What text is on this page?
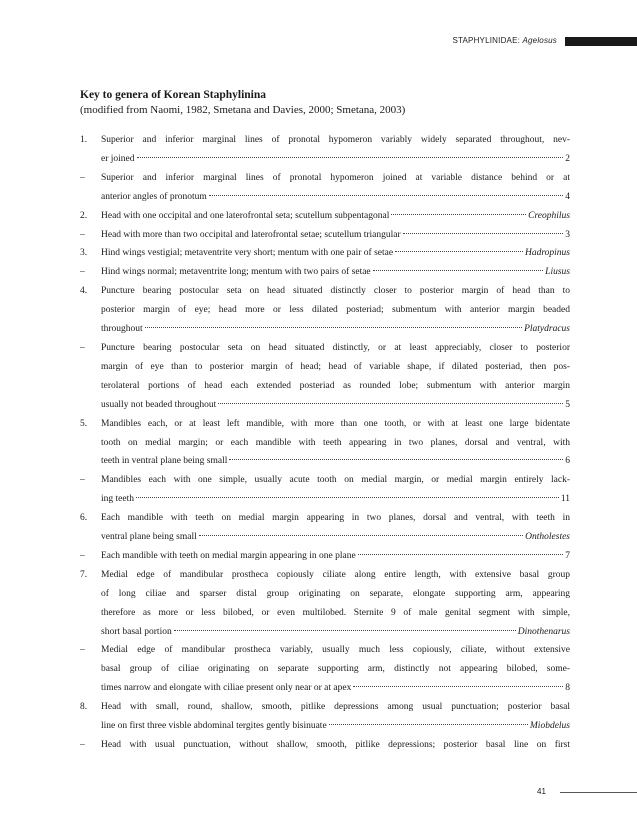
STAPHYLINIDAE: Agelosus
Key to genera of Korean Staphylinina
(modified from Naomi, 1982, Smetana and Davies, 2000; Smetana, 2003)
1.	Superior and inferior marginal lines of pronotal hypomeron variably widely separated throughout, nev-
er joined	2
–	Superior and inferior marginal lines of pronotal hypomeron joined at variable distance behind or at
anterior angles of pronotum	4
2.	Head with one occipital and one laterofrontal seta; scutellum subpentagonal	Creophilus
–	Head with more than two occipital and laterofrontal setae; scutellum triangular	3
3.	Hind wings vestigial; metaventrite very short; mentum with one pair of setae	Hadropinus
–	Hind wings normal; metaventrite long; mentum with two pairs of setae	Liusus
4.	Puncture bearing postocular seta on head situated distinctly closer to posterior margin of head than to
posterior margin of eye; head more or less dilated posteriad; submentum with anterior margin beaded
throughout	Platydracus
–	Puncture bearing postocular seta on head situated distinctly, or at least appreciably, closer to posterior
margin of eye than to posterior margin of head; head of variable shape, if dilated posteriad, then pos-
terolateral portions of head each extended posteriad as rounded lobe; submentum with anterior margin
usually not beaded throughout	5
5.	Mandibles each, or at least left mandible, with more than one tooth, or with at least one large bidentate
tooth on medial margin; or each mandible with teeth appearing in two planes, dorsal and ventral, with
teeth in ventral plane being small	6
–	Mandibles each with one simple, usually acute tooth on medial margin, or medial margin entirely lack-
ing teeth	11
6.	Each mandible with teeth on medial margin appearing in two planes, dorsal and ventral, with teeth in
ventral plane being small	Ontholestes
–	Each mandible with teeth on medial margin appearing in one plane	7
7.	Medial edge of mandibular prostheca copiously ciliate along entire length, with extensive basal group
of long ciliae and sparser distal group originating on separate, elongate supporting arm, appearing
therefore as more or less bilobed, or even multilobed. Sternite 9 of male genital segment with simple,
short basal portion	Dinothenarus
–	Medial edge of mandibular prostheca variably, usually much less copiously, ciliate, without extensive
basal group of ciliae originating on separate supporting arm, distinctly not appearing bilobed, some-
times narrow and elongate with ciliae present only near or at apex	8
8.	Head with small, round, shallow, smooth, pitlike depressions among usual punctuation; posterior basal
line on first three visble abdominal tergites gently bisinuate	Miobdelus
–	Head with usual punctuation, without shallow, smooth, pitlike depressions; posterior basal line on first
41
